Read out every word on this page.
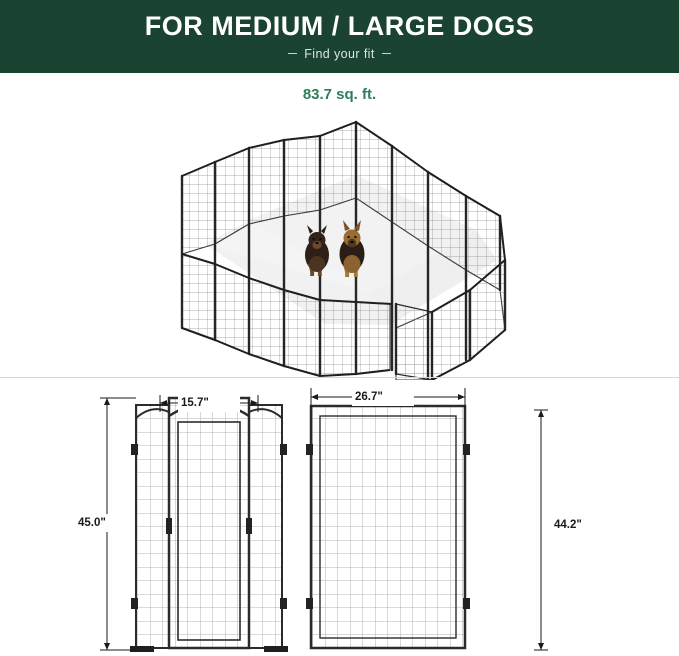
FOR MEDIUM / LARGE DOGS
Find your fit
83.7 sq. ft.
15.7"	26.7"
45.0"	44.2"
